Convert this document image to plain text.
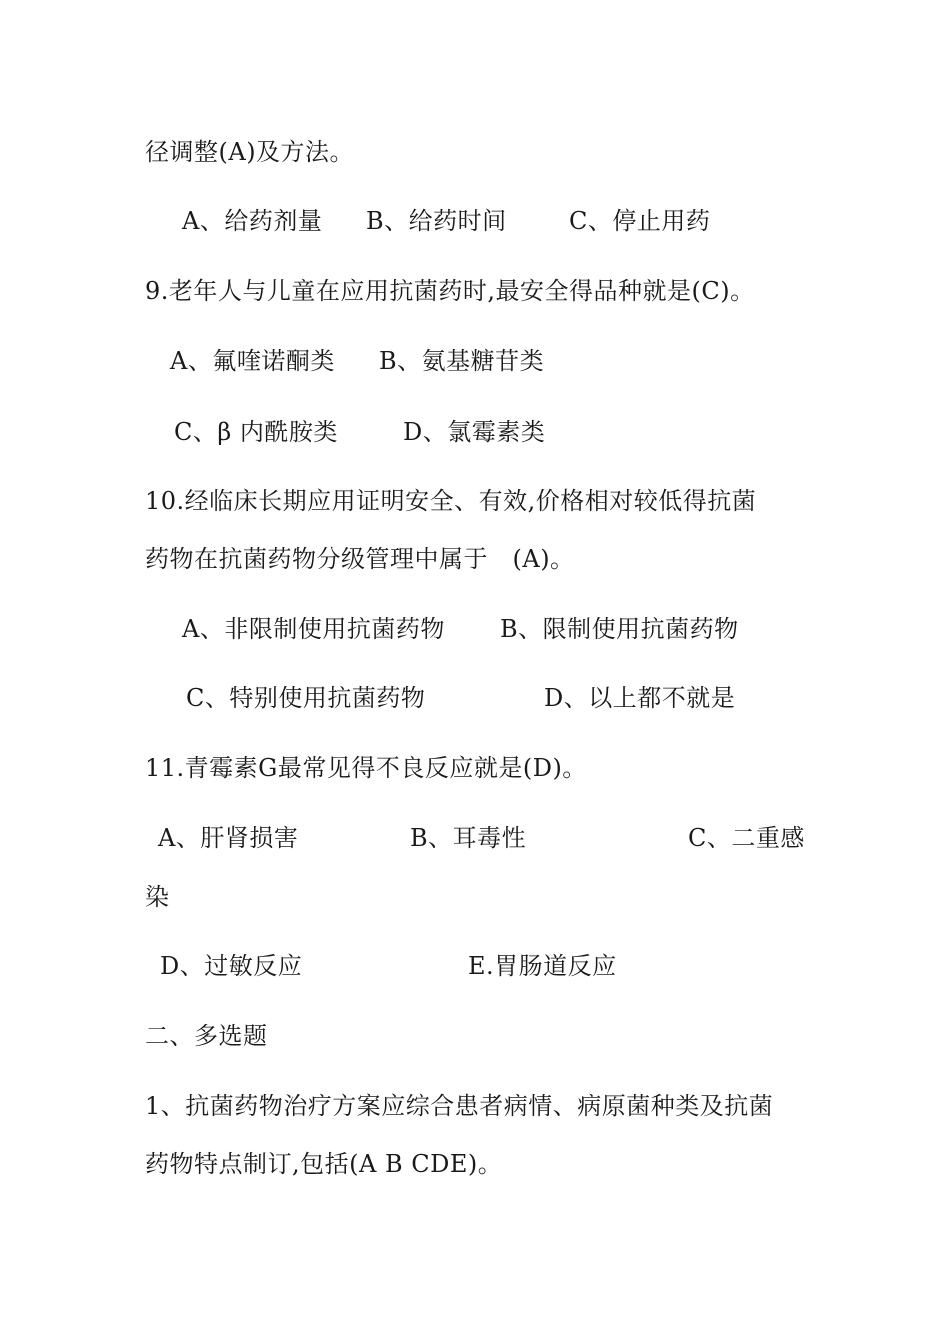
径调整(A)及方法。
A、给药剂量 B、给药时间	C、停止用药
9.老年人与儿童在应用抗菌药时,最安全得品种就是(C)。
A、氟喹诺酮类 B、氨基糖苷类
C、β 内酰胺类	D、氯霉素类
10.经临床长期应用证明安全、有效,价格相对较低得抗菌
药物在抗菌药物分级管理中属于　(A)。
A、非限制使用抗菌药物 B、限制使用抗菌药物
C、特别使用抗菌药物	D、以上都不就是
11.青霉素G最常见得不良反应就是(D)。
A、肝肾损害	B、耳毒性	C、二重感
染
D、过敏反应	E.胃肠道反应
二、多选题
1、抗菌药物治疗方案应综合患者病情、病原菌种类及抗菌
药物特点制订,包括(A B CDE)。
